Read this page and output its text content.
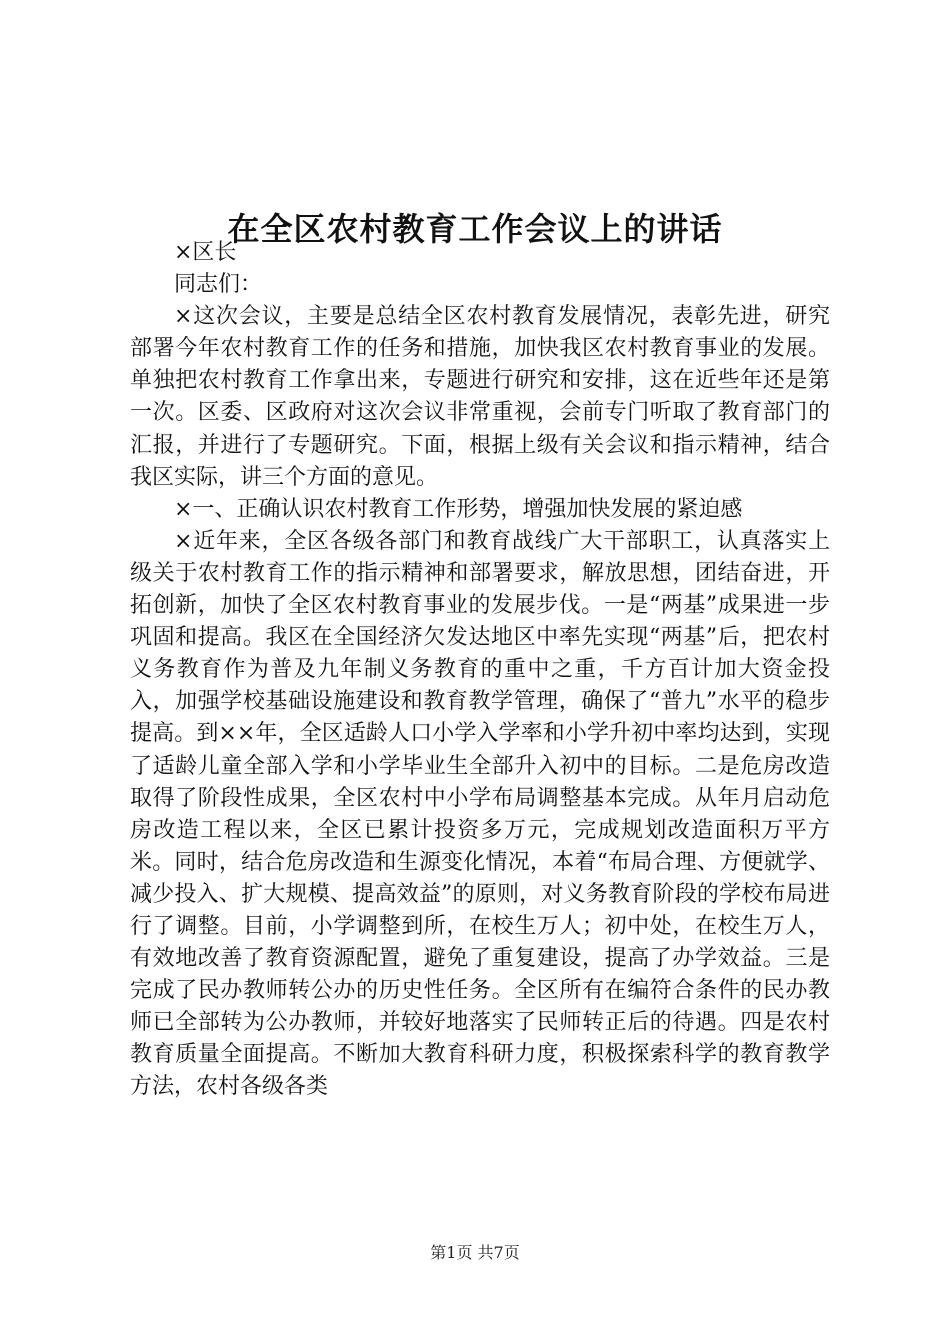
在全区农村教育工作会议上的讲话

×区长

同志们：

×这次会议，主要是总结全区农村教育发展情况，表彰先进，研究部署今年农村教育工作的任务和措施，加快我区农村教育事业的发展。单独把农村教育工作拿出来，专题进行研究和安排，这在近些年还是第一次。区委、区政府对这次会议非常重视，会前专门听取了教育部门的汇报，并进行了专题研究。下面，根据上级有关会议和指示精神，结合我区实际，讲三个方面的意见。

×一、正确认识农村教育工作形势，增强加快发展的紧迫感

×近年来，全区各级各部门和教育战线广大干部职工，认真落实上级关于农村教育工作的指示精神和部署要求，解放思想，团结奋进，开拓创新，加快了全区农村教育事业的发展步伐。一是“两基”成果进一步巩固和提高。我区在全国经济欠发达地区中率先实现“两基”后，把农村义务教育作为普及九年制义务教育的重中之重，千方百计加大资金投入，加强学校基础设施建设和教育教学管理，确保了“普九”水平的稳步提高。到××年，全区适龄人口小学入学率和小学升初中率均达到，实现了适龄儿童全部入学和小学毕业生全部升入初中的目标。二是危房改造取得了阶段性成果，全区农村中小学布局调整基本完成。从年月启动危房改造工程以来，全区已累计投资多万元，完成规划改造面积万平方米。同时，结合危房改造和生源变化情况，本着“布局合理、方便就学、减少投入、扩大规模、提高效益”的原则，对义务教育阶段的学校布局进行了调整。目前，小学调整到所，在校生万人；初中处，在校生万人，有效地改善了教育资源配置，避免了重复建设，提高了办学效益。三是完成了民办教师转公办的历史性任务。全区所有在编符合条件的民办教师已全部转为公办教师，并较好地落实了民师转正后的待遇。四是农村教育质量全面提高。不断加大教育科研力度，积极探索科学的教育教学方法，农村各级各类

第1页 共7页
